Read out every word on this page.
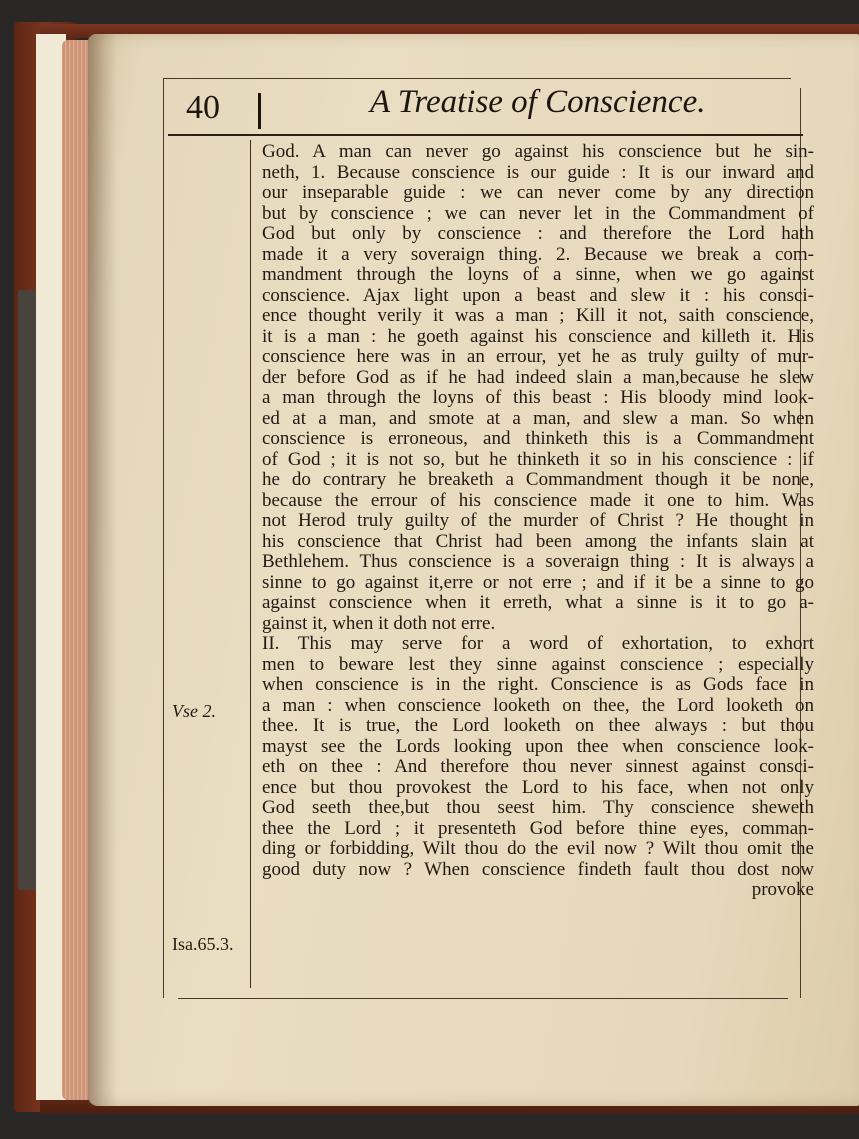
40	A Treatise of Conscience.

Vse 2.

Isa.65.3.

God. A man can never go against his conscience but he sin-
neth, 1. Because conscience is our guide : It is our inward and
our inseparable guide : we can never come by any direction
but by conscience ; we can never let in the Commandment of
God but only by conscience : and therefore the Lord hath
made it a very soveraign thing. 2. Because we break a com-
mandment through the loyns of a sinne, when we go against
conscience. Ajax light upon a beast and slew it : his consci-
ence thought verily it was a man ; Kill it not, saith conscience,
it is a man : he goeth against his conscience and killeth it. His
conscience here was in an errour, yet he as truly guilty of mur-
der before God as if he had indeed slain a man,because he slew
a man through the loyns of this beast : His bloody mind look-
ed at a man, and smote at a man, and slew a man. So when
conscience is erroneous, and thinketh this is a Commandment
of God ; it is not so, but he thinketh it so in his conscience : if
he do contrary he breaketh a Commandment though it be none,
because the errour of his conscience made it one to him. Was
not Herod truly guilty of the murder of Christ ? He thought in
his conscience that Christ had been among the infants slain at
Bethlehem. Thus conscience is a soveraign thing : It is always a
sinne to go against it,erre or not erre ; and if it be a sinne to go
against conscience when it erreth, what a sinne is it to go a-
gainst it, when it doth not erre.
II. This may serve for a word of exhortation, to exhort
men to beware lest they sinne against conscience ; especially
when conscience is in the right. Conscience is as Gods face in
a man : when conscience looketh on thee, the Lord looketh on
thee. It is true, the Lord looketh on thee always : but thou
mayst see the Lords looking upon thee when conscience look-
eth on thee : And therefore thou never sinnest against consci-
ence but thou provokest the Lord to his face, when not only
God seeth thee,but thou seest him. Thy conscience sheweth
thee the Lord ; it presenteth God before thine eyes, comman-
ding or forbidding, Wilt thou do the evil now ? Wilt thou omit the
good duty now ? When conscience findeth fault thou dost now
provoke
